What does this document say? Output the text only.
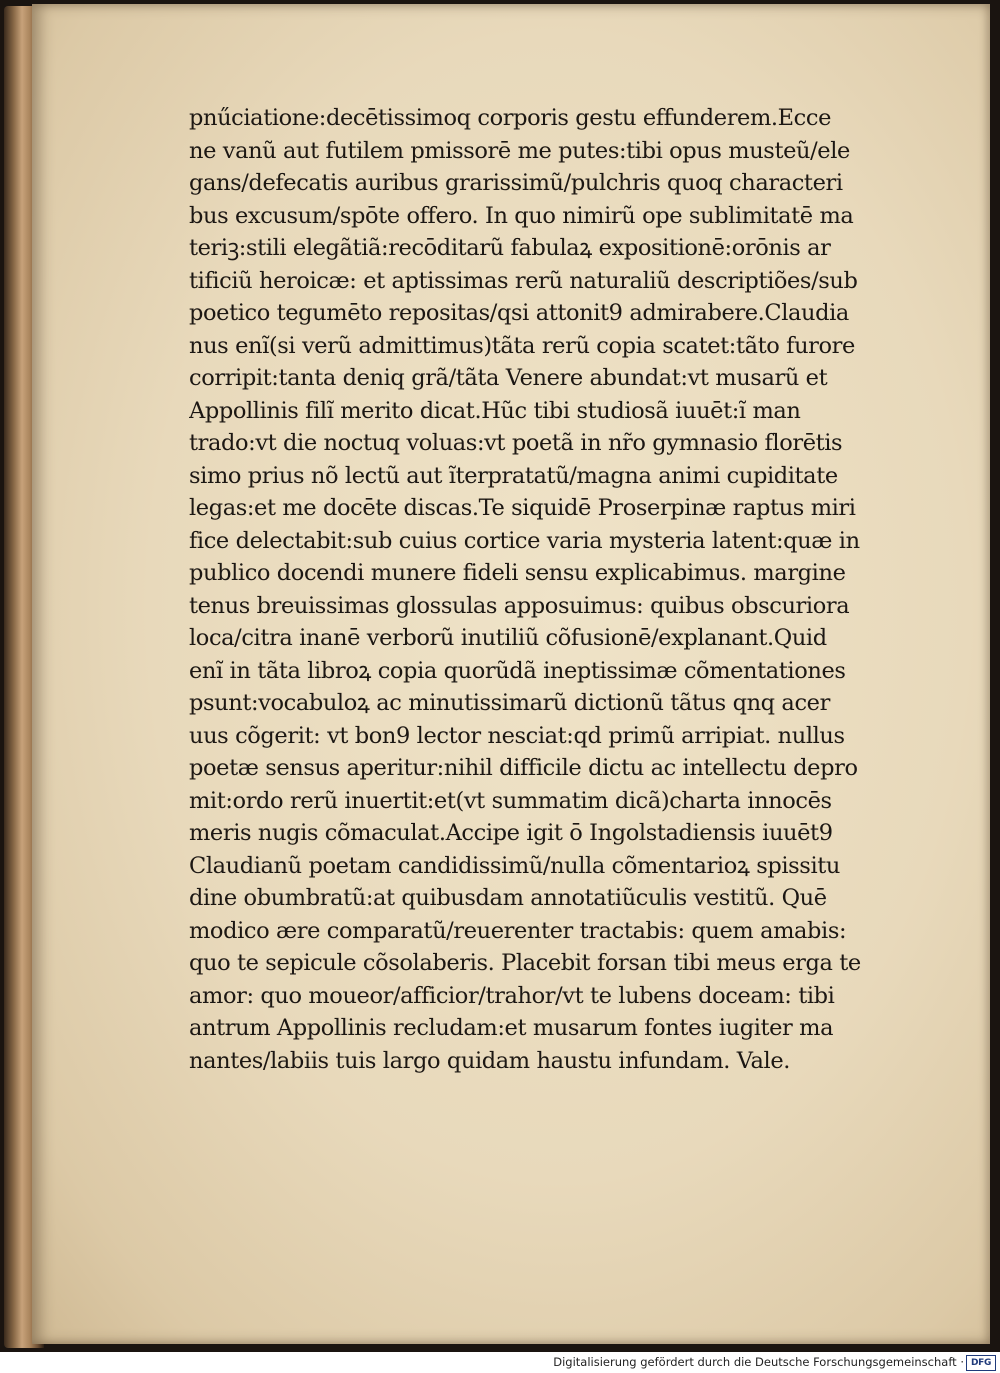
pnűciatione:decētissimoq corporis gestu effunderem.Ecce
ne vanũ aut futilem pmissorē me putes:tibi opus musteũ/ele
gans/defecatis auribus grarissimũ/pulchris quoq characteri
bus excusum/spōte offero. In quo nimirũ ope sublimitatē ma
teriꝫ:stili elegãtiã:recōditarũ fabulaꝝ expositionē:orōnis ar
tificiũ heroicæ: et aptissimas rerũ naturaliũ descriptiões/sub
poetico tegumēto repositas/qsi attonit9 admirabere.Claudia
nus enĩ(si verũ admittimus)tãta rerũ copia scatet:tãto furore
corripit:tanta deniq grã/tãta Venere abundat:vt musarũ et
Appollinis filĩ merito dicat.Hũc tibi studiosã iuuēt:ĩ man
trado:vt die noctuq voluas:vt poetã in nr̃o gymnasio florētis
simo prius nõ lectũ aut ĩterpratatũ/magna animi cupiditate
legas:et me docēte discas.Te siquidē Proserpinæ raptus miri
fice delectabit:sub cuius cortice varia mysteria latent:quæ in
publico docendi munere fideli sensu explicabimus. margine
tenus breuissimas glossulas apposuimus: quibus obscuriora
loca/citra inanē verborũ inutiliũ cõfusionē/explanant.Quid
enĩ in tãta libroꝝ copia quorũdã ineptissimæ cõmentationes
psunt:vocabuloꝝ ac minutissimarũ dictionũ tãtus qnq acer
uus cõgerit: vt bon9 lector nesciat:qd primũ arripiat. nullus
poetæ sensus aperitur:nihil difficile dictu ac intellectu depro
mit:ordo rerũ inuertit:et(vt summatim dicã)charta innocēs
meris nugis cõmaculat.Accipe igit ō Ingolstadiensis iuuēt9
Claudianũ poetam candidissimũ/nulla cõmentarioꝝ spissitu
dine obumbratũ:at quibusdam annotatiũculis vestitũ. Quē
modico ære comparatũ/reuerenter tractabis: quem amabis:
quo te sepicule cõsolaberis. Placebit forsan tibi meus erga te
amor: quo moueor/afficior/trahor/vt te lubens doceam: tibi
antrum Appollinis recludam:et musarum fontes iugiter ma
nantes/labiis tuis largo quidam haustu infundam. Vale.
Digitalisierung gefördert durch die Deutsche Forschungsgemeinschaft · DFG
